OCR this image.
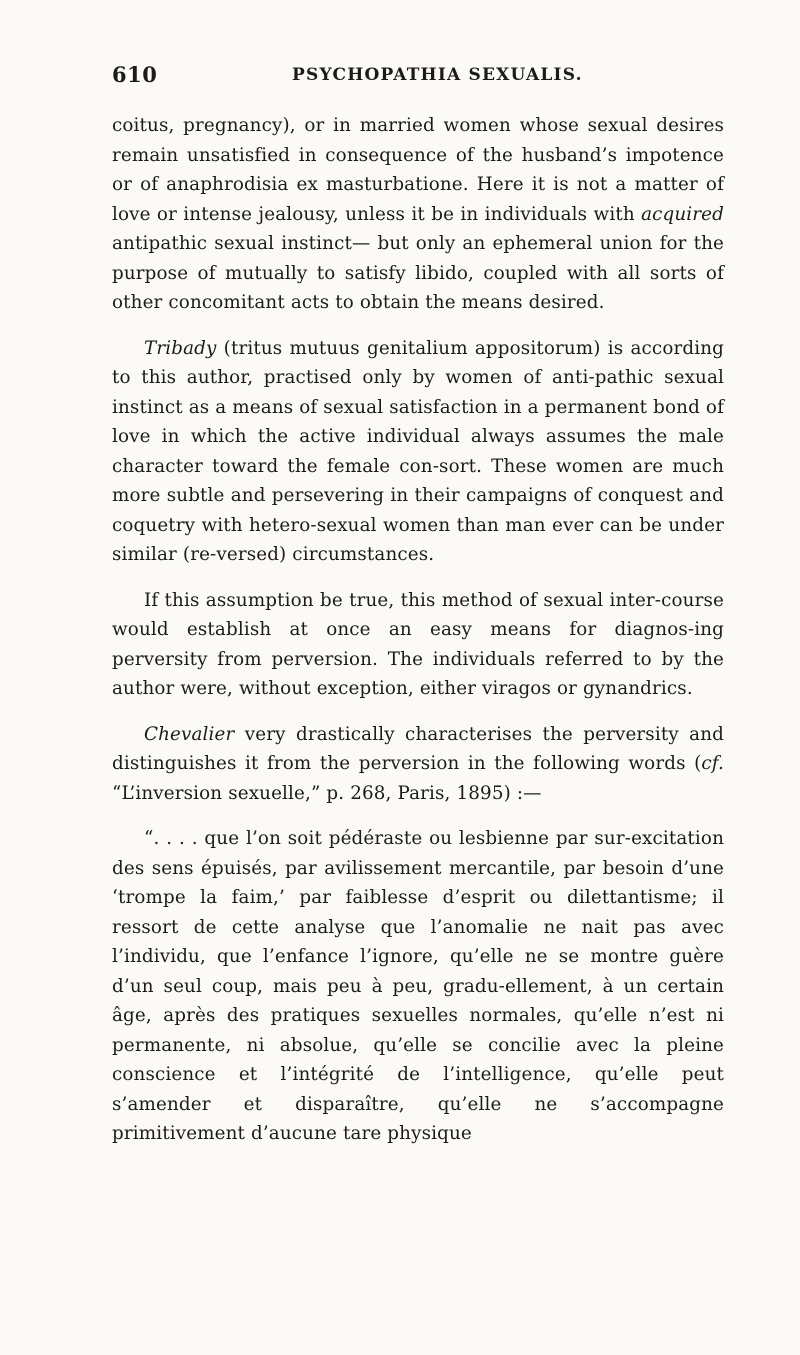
610	PSYCHOPATHIA SEXUALIS.

coitus, pregnancy), or in married women whose sexual desires remain unsatisfied in consequence of the husband’s impotence or of anaphrodisia ex masturbatione. Here it is not a matter of love or intense jealousy, unless it be in individuals with acquired antipathic sexual instinct— but only an ephemeral union for the purpose of mutually to satisfy libido, coupled with all sorts of other concomitant acts to obtain the means desired.

Tribady (tritus mutuus genitalium appositorum) is according to this author, practised only by women of anti-pathic sexual instinct as a means of sexual satisfaction in a permanent bond of love in which the active individual always assumes the male character toward the female con-sort. These women are much more subtle and persevering in their campaigns of conquest and coquetry with hetero-sexual women than man ever can be under similar (re-versed) circumstances.

If this assumption be true, this method of sexual inter-course would establish at once an easy means for diagnos-ing perversity from perversion. The individuals referred to by the author were, without exception, either viragos or gynandrics.

Chevalier very drastically characterises the perversity and distinguishes it from the perversion in the following words (cf. “L’inversion sexuelle,” p. 268, Paris, 1895) :—

“. . . . que l’on soit pédéraste ou lesbienne par sur-excitation des sens épuisés, par avilissement mercantile, par besoin d’une ‘trompe la faim,’ par faiblesse d’esprit ou dilettantisme; il ressort de cette analyse que l’anomalie ne nait pas avec l’individu, que l’enfance l’ignore, qu’elle ne se montre guère d’un seul coup, mais peu à peu, gradu-ellement, à un certain âge, après des pratiques sexuelles normales, qu’elle n’est ni permanente, ni absolue, qu’elle se concilie avec la pleine conscience et l’intégrité de l’intelligence, qu’elle peut s’amender et disparaître, qu’elle ne s’accompagne primitivement d’aucune tare physique
